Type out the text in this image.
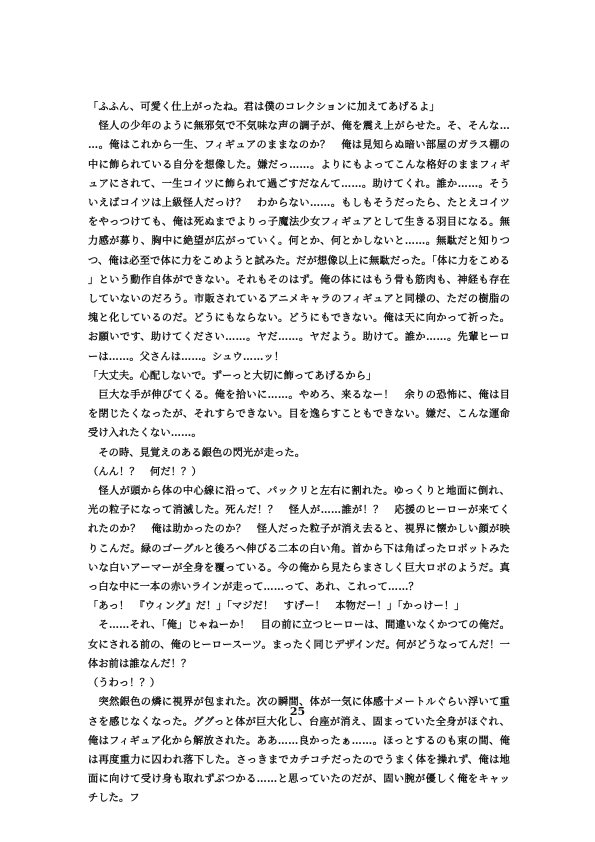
「ふふん、可愛く仕上がったね。君は僕のコレクションに加えてあげるよ」

　怪人の少年のように無邪気で不気味な声の調子が、俺を震え上がらせた。そ、そんな……。俺はこれから一生、フィギュアのままなのか？　俺は見知らぬ暗い部屋のガラス棚の中に飾られている自分を想像した。嫌だっ……。よりにもよってこんな格好のままフィギュアにされて、一生コイツに飾られて過ごすだなんて……。助けてくれ。誰か……。そういえばコイツは上級怪人だっけ？　わからない……。もしもそうだったら、たとえコイツをやっつけても、俺は死ぬまでよりっ子魔法少女フィギュアとして生きる羽目になる。無力感が募り、胸中に絶望が広がっていく。何とか、何とかしないと……。無駄だと知りつつ、俺は必至で体に力をこめようと試みた。だが想像以上に無駄だった。「体に力をこめる」という動作自体ができない。それもそのはず。俺の体にはもう骨も筋肉も、神経も存在していないのだろう。市販されているアニメキャラのフィギュアと同様の、ただの樹脂の塊と化しているのだ。どうにもならない。どうにもできない。俺は天に向かって祈った。お願いです、助けてください……。ヤだ……。ヤだよう。助けて。誰か……。先輩ヒーローは……。父さんは……。シュウ……ッ！

「大丈夫。心配しないで。ずーっと大切に飾ってあげるから」

　巨大な手が伸びてくる。俺を拾いに……。やめろ、来るなー！　余りの恐怖に、俺は目を閉じたくなったが、それすらできない。目を逸らすこともできない。嫌だ、こんな運命受け入れたくない……。

　その時、見覚えのある銀色の閃光が走った。

（んん！？　何だ！？）

　怪人が頭から体の中心線に沿って、パックリと左右に割れた。ゆっくりと地面に倒れ、光の粒子になって消滅した。死んだ！？　怪人が……誰が！？　応援のヒーローが来てくれたのか？　俺は助かったのか？　怪人だった粒子が消え去ると、視界に懐かしい顔が映りこんだ。緑のゴーグルと後ろへ伸びる二本の白い角。首から下は角ばったロボットみたいな白いアーマーが全身を覆っている。今の俺から見たらまさしく巨大ロボのようだ。真っ白な中に一本の赤いラインが走って……って、あれ、これって……？

「あっ！　『ウィング』だ！」「マジだ！　すげー！　本物だー！」「かっけー！」

　そ……それ、「俺」じゃねーか！　目の前に立つヒーローは、間違いなくかつての俺だ。女にされる前の、俺のヒーロースーツ。まったく同じデザインだ。何がどうなってんだ！一体お前は誰なんだ！？

（うわっ！？）

　突然銀色の燐に視界が包まれた。次の瞬間、体が一気に体感十メートルぐらい浮いて重さを感じなくなった。ググっと体が巨大化し、台座が消え、固まっていた全身がほぐれ、俺はフィギュア化から解放された。ああ……良かったぁ……。ほっとするのも束の間、俺は再度重力に囚われ落下した。さっきまでカチコチだったのでうまく体を操れず、俺は地面に向けて受け身も取れずぶつかる……と思っていたのだが、固い腕が優しく俺をキャッチした。フ

25
